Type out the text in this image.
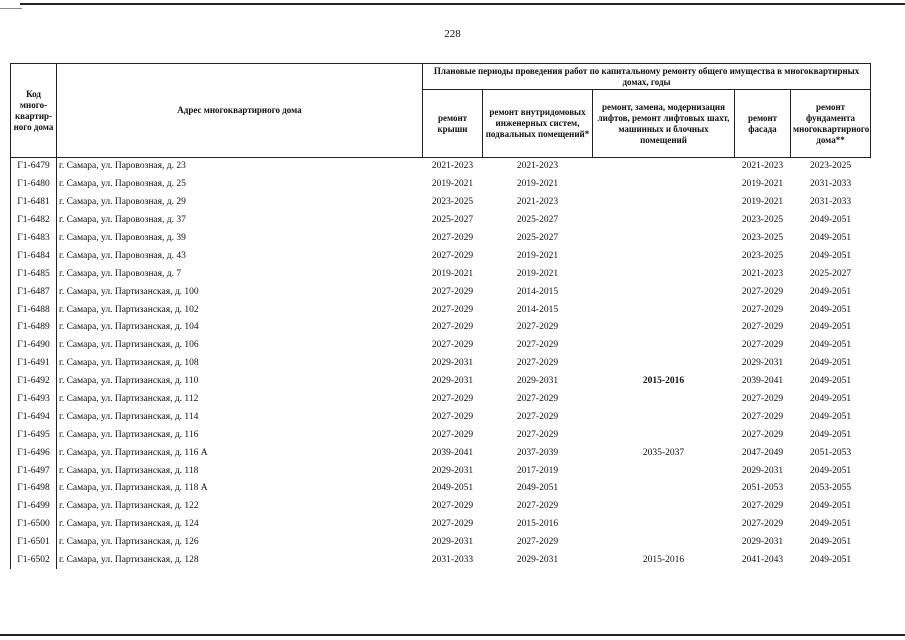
228
Код много-квартир-ного дома	Адрес многоквартирного дома	Плановые периоды проведения работ по капитальному ремонту общего имущества в многоквартирных домах, годы				
		ремонт крыши	ремонт внутридомовых инженерных систем, подвальных помещений*	ремонт, замена, модернизация лифтов, ремонт лифтовых шахт, машинных и блочных помещений	ремонт фасада	ремонт фундамента многоквартирного дома**
Г1-6479	г. Самара, ул. Паровозная, д. 23	2021-2023	2021-2023		2021-2023	2023-2025
Г1-6480	г. Самара, ул. Паровозная, д. 25	2019-2021	2019-2021		2019-2021	2031-2033
Г1-6481	г. Самара, ул. Паровозная, д. 29	2023-2025	2021-2023		2019-2021	2031-2033
Г1-6482	г. Самара, ул. Паровозная, д. 37	2025-2027	2025-2027		2023-2025	2049-2051
Г1-6483	г. Самара, ул. Паровозная, д. 39	2027-2029	2025-2027		2023-2025	2049-2051
Г1-6484	г. Самара, ул. Паровозная, д. 43	2027-2029	2019-2021		2023-2025	2049-2051
Г1-6485	г. Самара, ул. Паровозная, д. 7	2019-2021	2019-2021		2021-2023	2025-2027
Г1-6487	г. Самара, ул. Партизанская, д. 100	2027-2029	2014-2015		2027-2029	2049-2051
Г1-6488	г. Самара, ул. Партизанская, д. 102	2027-2029	2014-2015		2027-2029	2049-2051
Г1-6489	г. Самара, ул. Партизанская, д. 104	2027-2029	2027-2029		2027-2029	2049-2051
Г1-6490	г. Самара, ул. Партизанская, д. 106	2027-2029	2027-2029		2027-2029	2049-2051
Г1-6491	г. Самара, ул. Партизанская, д. 108	2029-2031	2027-2029		2029-2031	2049-2051
Г1-6492	г. Самара, ул. Партизанская, д. 110	2029-2031	2029-2031	2015-2016	2039-2041	2049-2051
Г1-6493	г. Самара, ул. Партизанская, д. 112	2027-2029	2027-2029		2027-2029	2049-2051
Г1-6494	г. Самара, ул. Партизанская, д. 114	2027-2029	2027-2029		2027-2029	2049-2051
Г1-6495	г. Самара, ул. Партизанская, д. 116	2027-2029	2027-2029		2027-2029	2049-2051
Г1-6496	г. Самара, ул. Партизанская, д. 116 А	2039-2041	2037-2039	2035-2037	2047-2049	2051-2053
Г1-6497	г. Самара, ул. Партизанская, д. 118	2029-2031	2017-2019		2029-2031	2049-2051
Г1-6498	г. Самара, ул. Партизанская, д. 118 А	2049-2051	2049-2051		2051-2053	2053-2055
Г1-6499	г. Самара, ул. Партизанская, д. 122	2027-2029	2027-2029		2027-2029	2049-2051
Г1-6500	г. Самара, ул. Партизанская, д. 124	2027-2029	2015-2016		2027-2029	2049-2051
Г1-6501	г. Самара, ул. Партизанская, д. 126	2029-2031	2027-2029		2029-2031	2049-2051
Г1-6502	г. Самара, ул. Партизанская, д. 128	2031-2033	2029-2031	2015-2016	2041-2043	2049-2051
